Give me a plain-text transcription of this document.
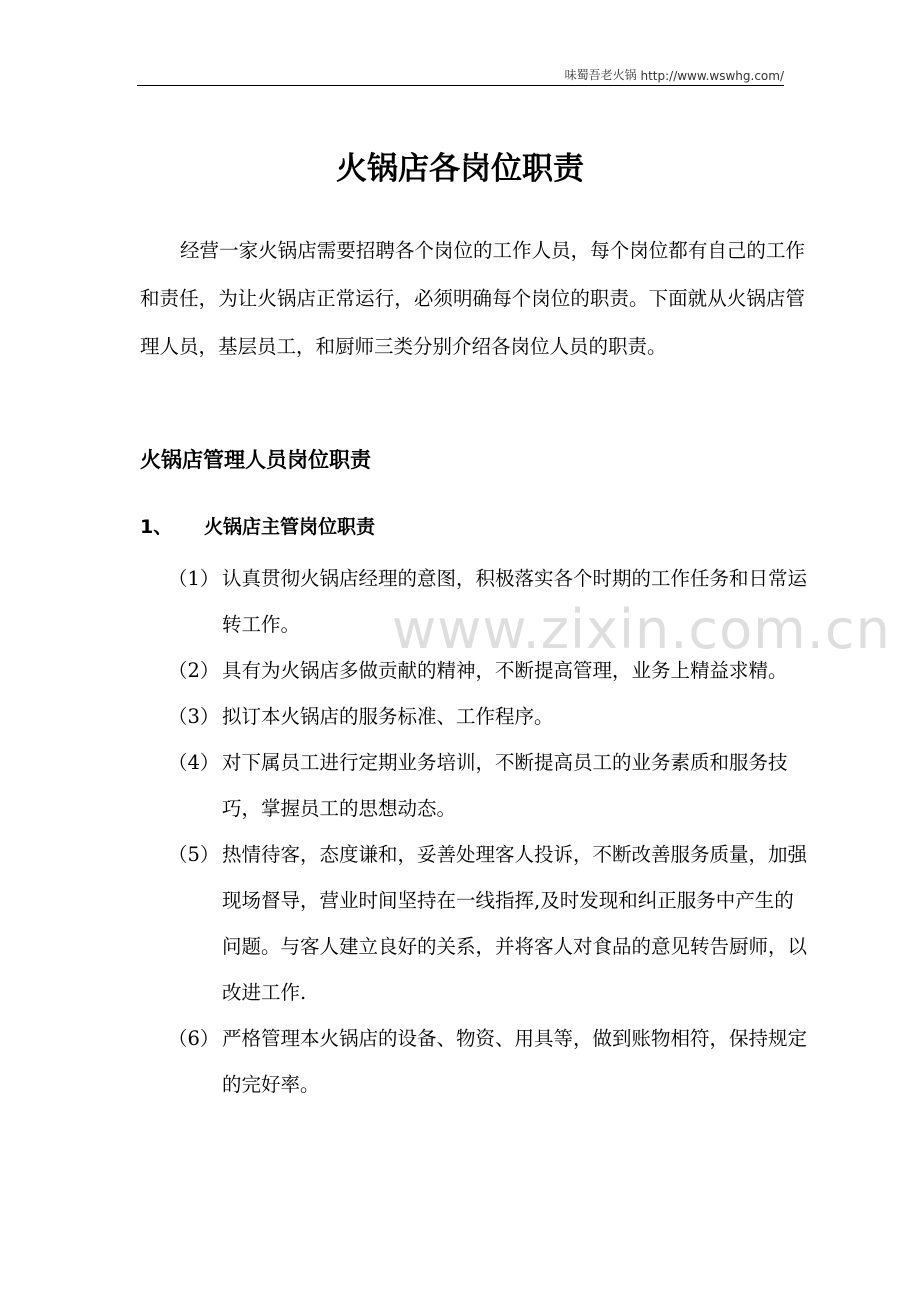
味蜀吾老火锅
http://www.wswhg.com/
火锅店各岗位职责

经营一家火锅店需要招聘各个岗位的工作人员，每个岗位都有自己的工作和责任，为让火锅店正常运行，必须明确每个岗位的职责。下面就从火锅店管理人员，基层员工，和厨师三类分别介绍各岗位人员的职责。

火锅店管理人员岗位职责
1、 火锅店主管岗位职责
（1） 认真贯彻火锅店经理的意图，积极落实各个时期的工作任务和日常运转工作。
（2） 具有为火锅店多做贡献的精神，不断提高管理，业务上精益求精。
（3） 拟订本火锅店的服务标准、工作程序。
（4） 对下属员工进行定期业务培训，不断提高员工的业务素质和服务技巧，掌握员工的思想动态。
（5） 热情待客，态度谦和，妥善处理客人投诉，不断改善服务质量，加强现场督导，营业时间坚持在一线指挥,及时发现和纠正服务中产生的问题。与客人建立良好的关系，并将客人对食品的意见转告厨师，以改进工作.
（6） 严格管理本火锅店的设备、物资、用具等，做到账物相符，保持规定的完好率。
www.zixin.com.cn
